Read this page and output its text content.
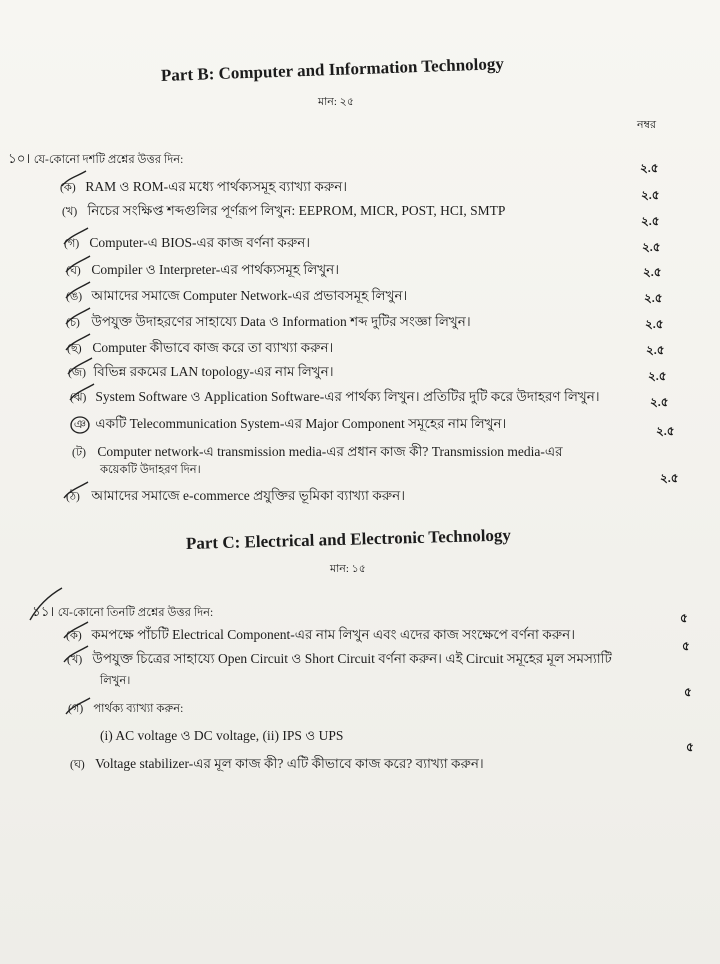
Part B: Computer and Information Technology
মান: ২৫
নম্বর
১০। যে-কোনো দশটি প্রশ্নের উত্তর দিন:
(ক) RAM ও ROM-এর মধ্যে পার্থক্যসমূহ ব্যাখ্যা করুন।
২.৫
(খ) নিচের সংক্ষিপ্ত শব্দগুলির পূর্ণরূপ লিখুন: EEPROM, MICR, POST, HCI, SMTP
২.৫
(গ) Computer-এ BIOS-এর কাজ বর্ণনা করুন।
২.৫
(ঘ) Compiler ও Interpreter-এর পার্থক্যসমূহ লিখুন।
২.৫
(ঙ) আমাদের সমাজে Computer Network-এর প্রভাবসমূহ লিখুন।
২.৫
(চ) উপযুক্ত উদাহরণের সাহায্যে Data ও Information শব্দ দুটির সংজ্ঞা লিখুন।
২.৫
(ছ) Computer কীভাবে কাজ করে তা ব্যাখ্যা করুন।
২.৫
(জ) বিভিন্ন রকমের LAN topology-এর নাম লিখুন।
২.৫
(ঝ) System Software ও Application Software-এর পার্থক্য লিখুন। প্রতিটির দুটি করে উদাহরণ লিখুন।
২.৫
(ঞ) একটি Telecommunication System-এর Major Component সমূহের নাম লিখুন।
২.৫
(ট) Computer network-এ transmission media-এর প্রধান কাজ কী? Transmission media-এর
কয়েকটি উদাহরণ দিন।
২.৫
(ঠ) আমাদের সমাজে e-commerce প্রযুক্তির ভূমিকা ব্যাখ্যা করুন।
২.৫
Part C: Electrical and Electronic Technology
মান: ১৫
১১। যে-কোনো তিনটি প্রশ্নের উত্তর দিন:
(ক) কমপক্ষে পাঁচটি Electrical Component-এর নাম লিখুন এবং এদের কাজ সংক্ষেপে বর্ণনা করুন।
৫
(খ) উপযুক্ত চিত্রের সাহায্যে Open Circuit ও Short Circuit বর্ণনা করুন। এই Circuit সমূহের মূল সমস্যাটি
লিখুন।
৫
(গ) পার্থক্য ব্যাখ্যা করুন:
(i) AC voltage ও DC voltage, (ii) IPS ও UPS
৫
(ঘ) Voltage stabilizer-এর মূল কাজ কী? এটি কীভাবে কাজ করে? ব্যাখ্যা করুন।
৫
